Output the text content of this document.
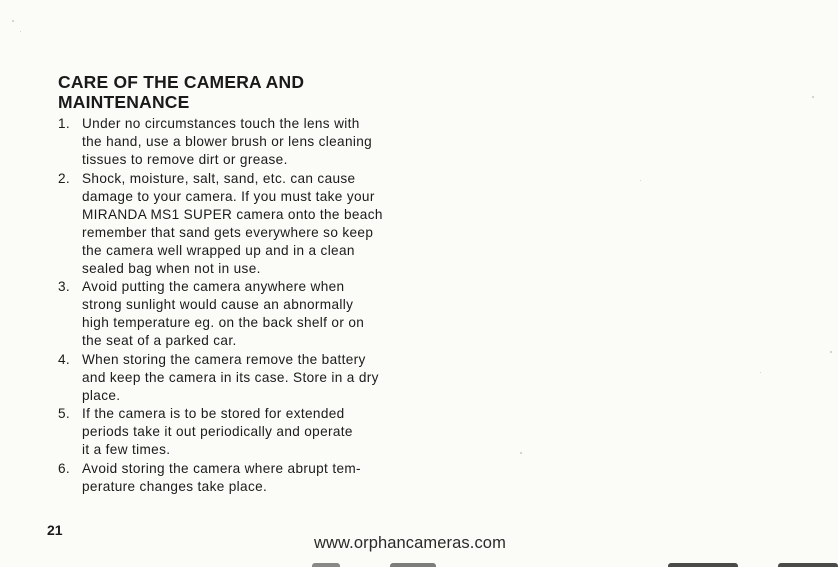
CARE OF THE CAMERA AND
MAINTENANCE
1. Under no circumstances touch the lens with
the hand, use a blower brush or lens cleaning
tissues to remove dirt or grease.
2. Shock, moisture, salt, sand, etc. can cause
damage to your camera. If you must take your
MIRANDA MS1 SUPER camera onto the beach
remember that sand gets everywhere so keep
the camera well wrapped up and in a clean
sealed bag when not in use.
3. Avoid putting the camera anywhere when
strong sunlight would cause an abnormally
high temperature eg. on the back shelf or on
the seat of a parked car.
4. When storing the camera remove the battery
and keep the camera in its case. Store in a dry
place.
5. If the camera is to be stored for extended
periods take it out periodically and operate
it a few times.
6. Avoid storing the camera where abrupt tem-
perature changes take place.
21
www.orphancameras.com
